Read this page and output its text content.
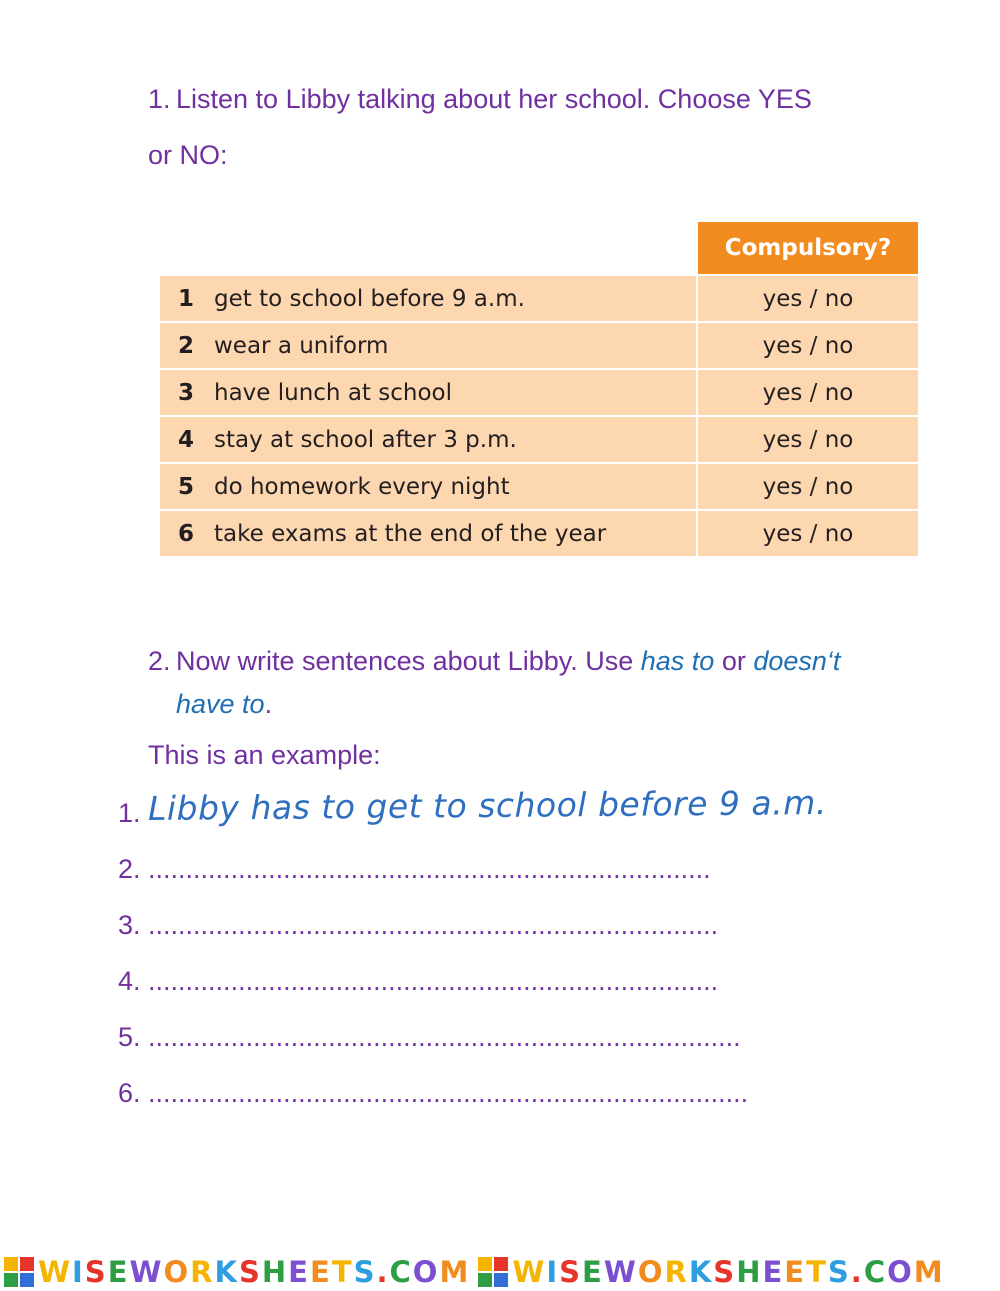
1. Listen to Libby talking about her school. Choose YES
or NO:
Compulsory?
1 get to school before 9 a.m.	yes / no
2 wear a uniform	yes / no
3 have lunch at school	yes / no
4 stay at school after 3 p.m.	yes / no
5 do homework every night	yes / no
6 take exams at the end of the year	yes / no
2. Now write sentences about Libby. Use has to or doesn‘t
have to.
This is an example:
1. Libby has to get to school before 9 a.m.
2. ...........................................................................
3. ............................................................................
4. ............................................................................
5. ...............................................................................
6. ................................................................................
WISEWORKSHEETS.COM WISEWORKSHEETS.COM
